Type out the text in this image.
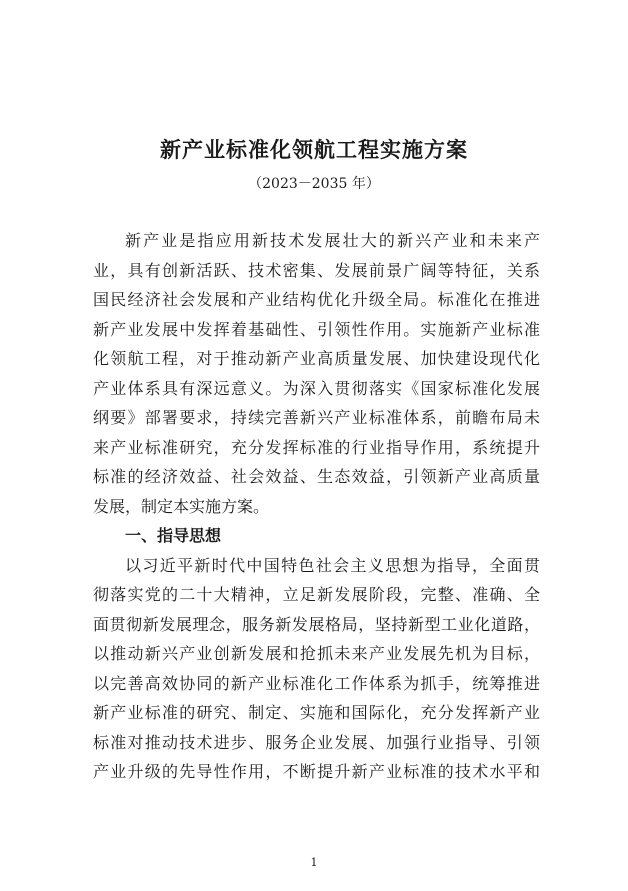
新产业标准化领航工程实施方案

（2023－2035 年）

新产业是指应用新技术发展壮大的新兴产业和未来产
业，具有创新活跃、技术密集、发展前景广阔等特征，关系
国民经济社会发展和产业结构优化升级全局。标准化在推进
新产业发展中发挥着基础性、引领性作用。实施新产业标准
化领航工程，对于推动新产业高质量发展、加快建设现代化
产业体系具有深远意义。为深入贯彻落实《国家标准化发展
纲要》部署要求，持续完善新兴产业标准体系，前瞻布局未
来产业标准研究，充分发挥标准的行业指导作用，系统提升
标准的经济效益、社会效益、生态效益，引领新产业高质量
发展，制定本实施方案。
一、指导思想
以习近平新时代中国特色社会主义思想为指导，全面贯
彻落实党的二十大精神，立足新发展阶段，完整、准确、全
面贯彻新发展理念，服务新发展格局，坚持新型工业化道路，
以推动新兴产业创新发展和抢抓未来产业发展先机为目标，
以完善高效协同的新产业标准化工作体系为抓手，统筹推进
新产业标准的研究、制定、实施和国际化，充分发挥新产业
标准对推动技术进步、服务企业发展、加强行业指导、引领
产业升级的先导性作用，不断提升新产业标准的技术水平和
1
